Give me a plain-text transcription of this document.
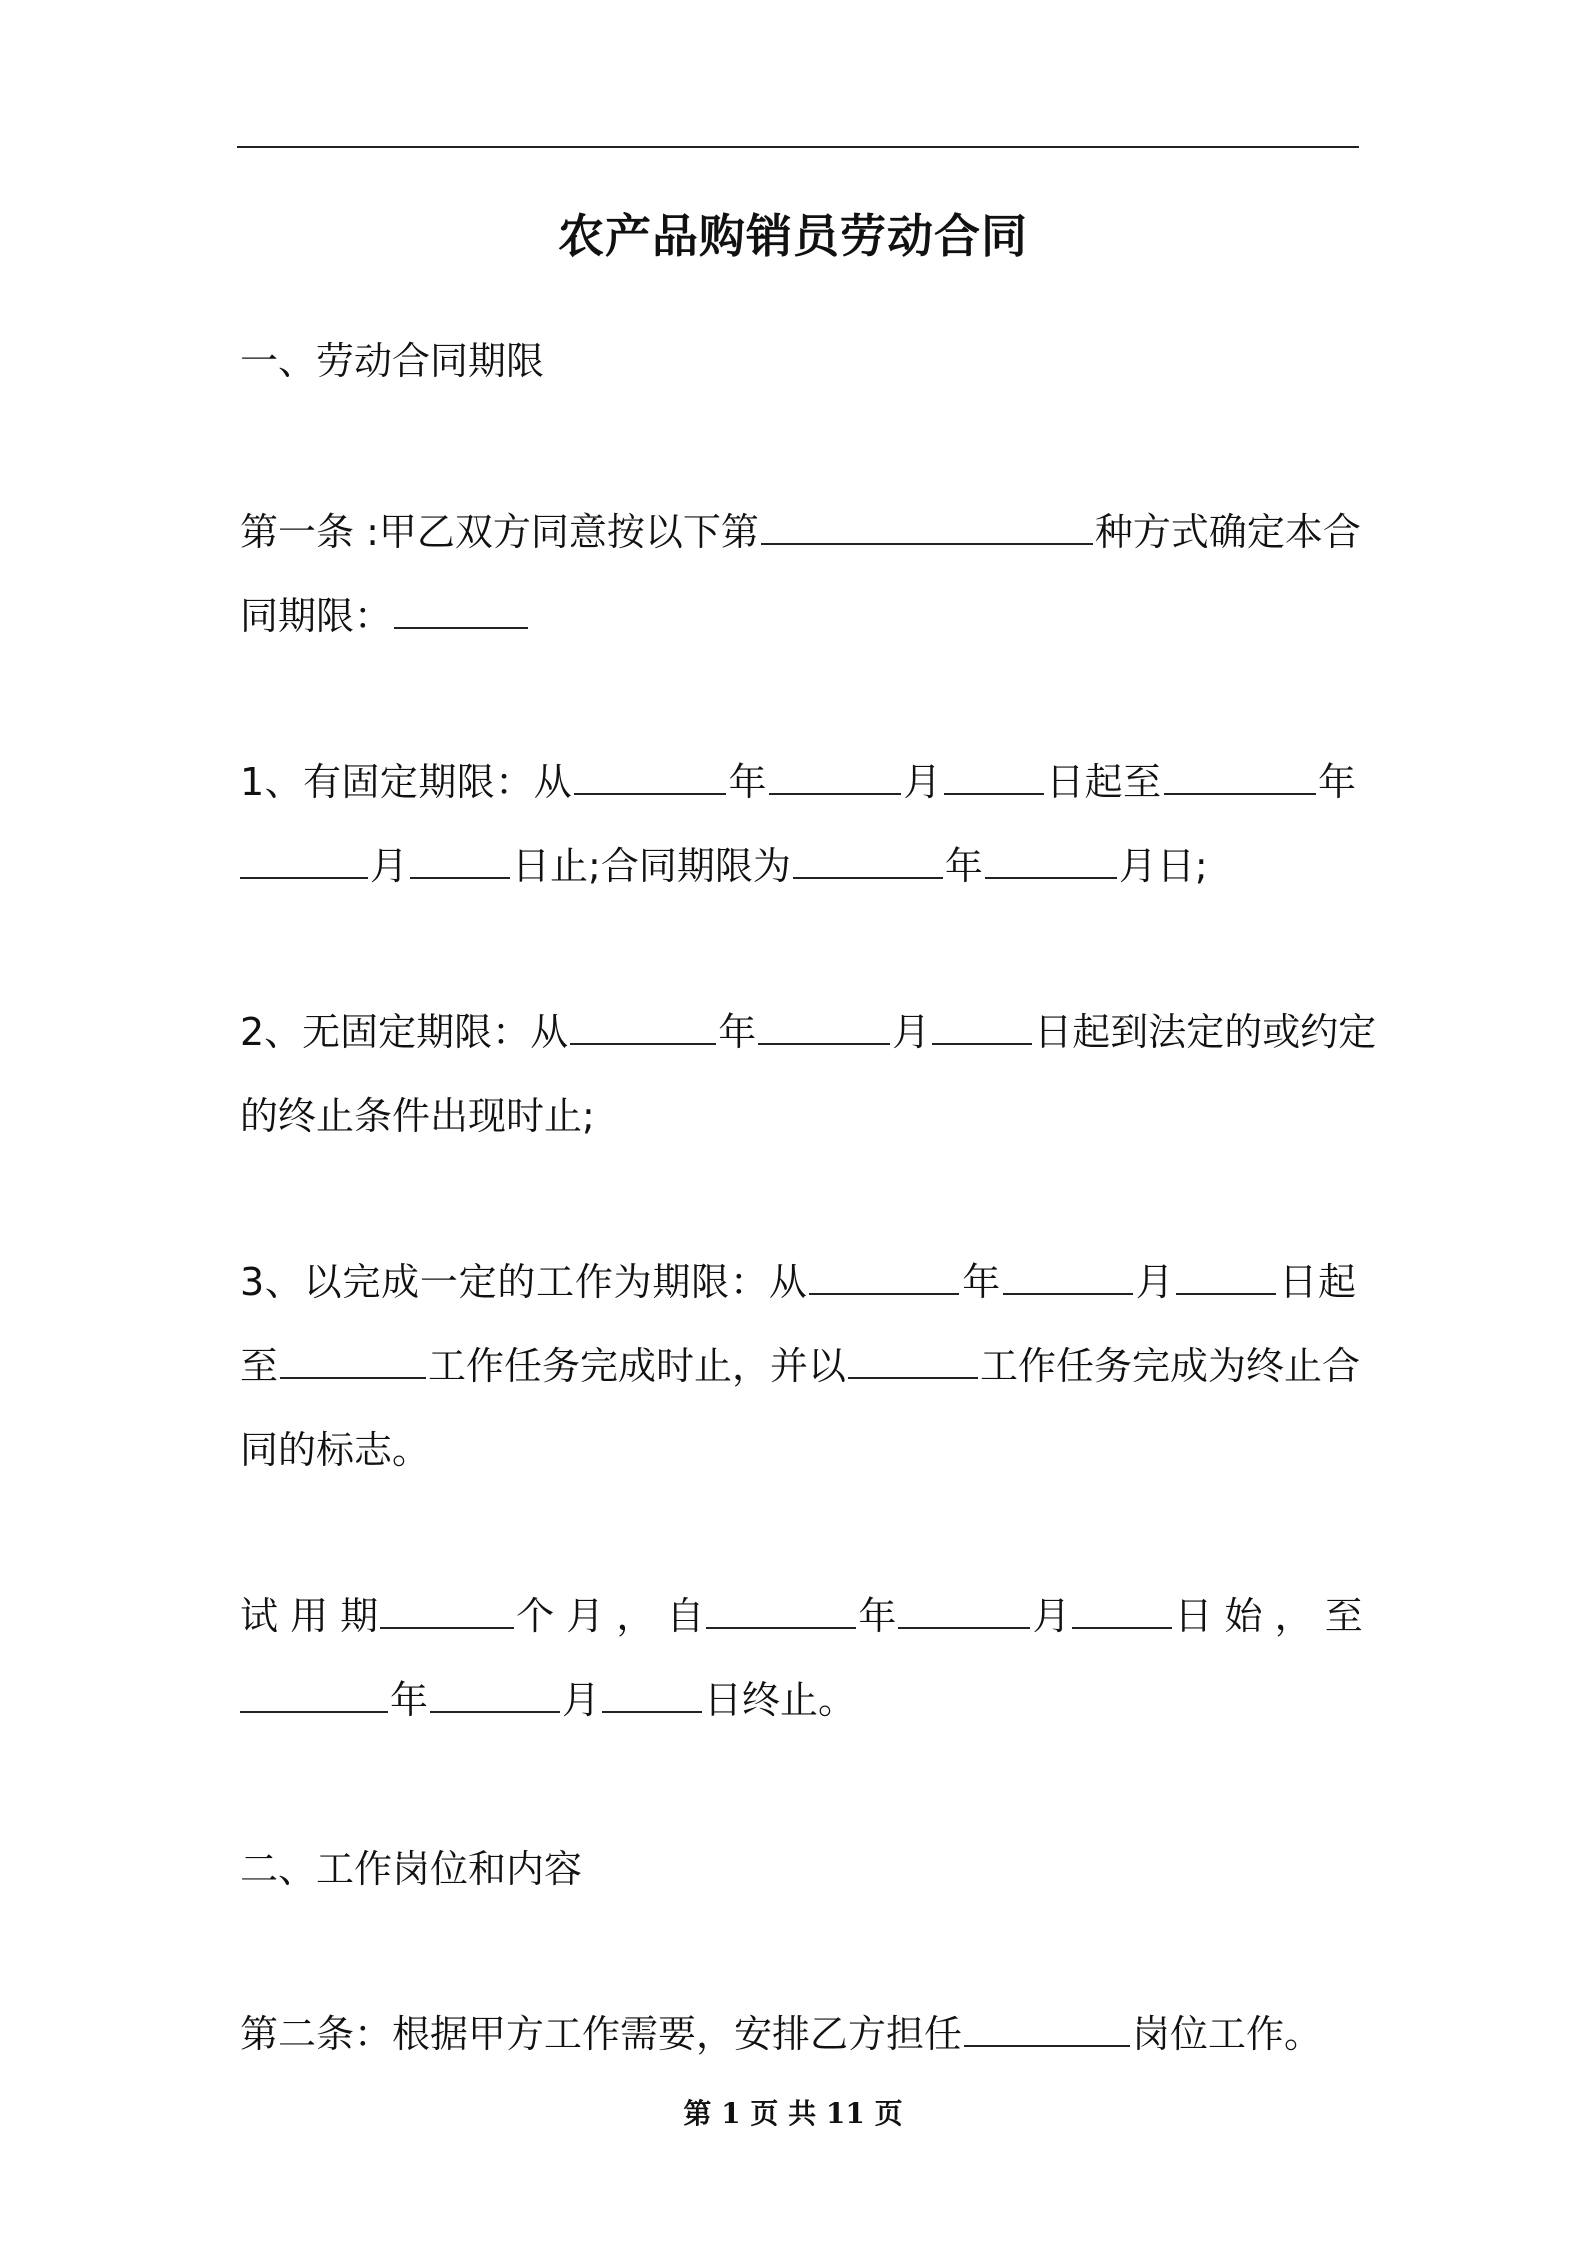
农产品购销员劳动合同
一、劳动合同期限
第一条 :甲乙双方同意按以下第	种方式确定本合
同期限：
1、有固定期限：从	年	月	日起至	年
月	日止;合同期限为	年	月日;
2、无固定期限：从	年	月	日起到法定的或约定
的终止条件出现时止;
3、以完成一定的工作为期限：从	年	月	日起
至	工作任务完成时止，并以	工作任务完成为终止合
同的标志。
试 用 期	个 月 ， 自	年	月	日 始 ， 至
年	月	日终止。
二、工作岗位和内容
第二条：根据甲方工作需要，安排乙方担任	岗位工作。
第 1 页 共 11 页
